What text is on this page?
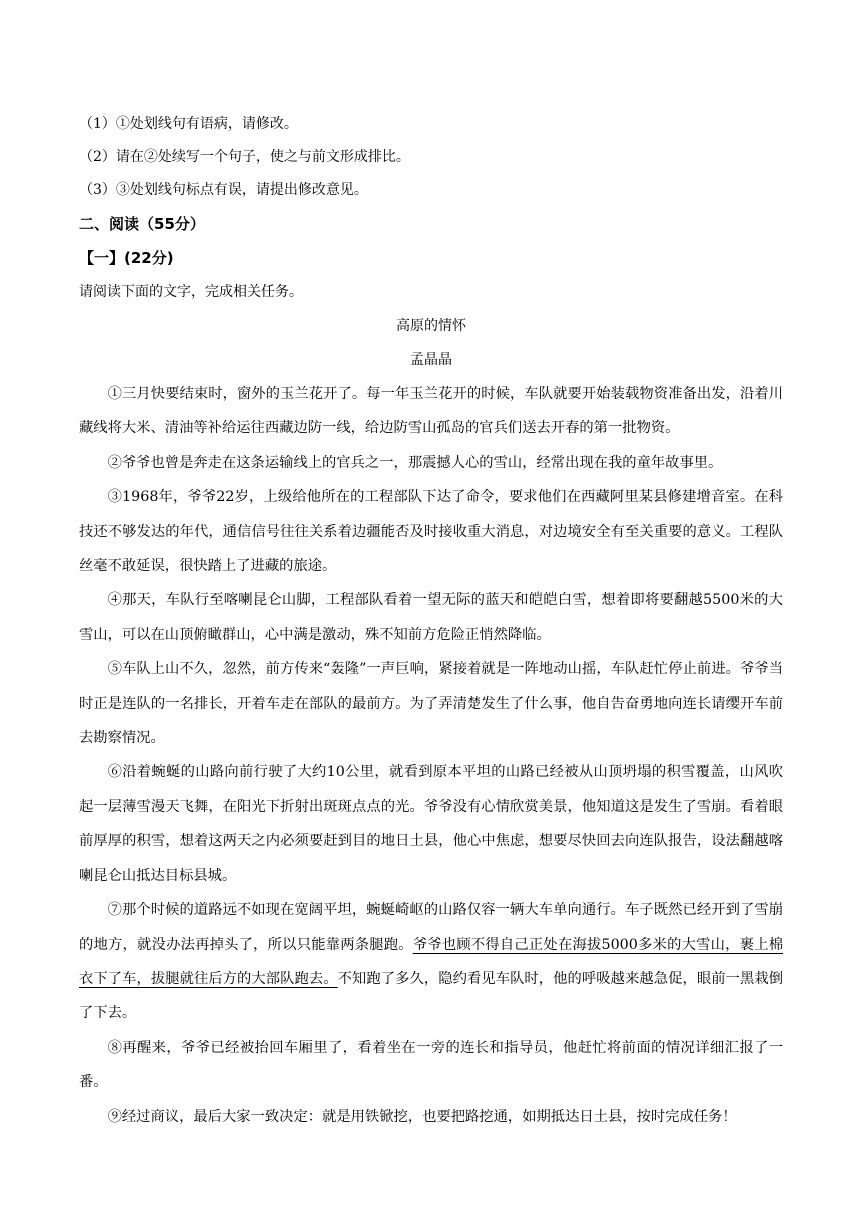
（1）①处划线句有语病，请修改。
（2）请在②处续写一个句子，使之与前文形成排比。
（3）③处划线句标点有误，请提出修改意见。
二、阅读（55分）
【一】(22分)
请阅读下面的文字，完成相关任务。
高原的情怀
孟晶晶

①三月快要结束时，窗外的玉兰花开了。每一年玉兰花开的时候，车队就要开始装载物资准备出发，沿着川藏线将大米、清油等补给运往西藏边防一线，给边防雪山孤岛的官兵们送去开春的第一批物资。

②爷爷也曾是奔走在这条运输线上的官兵之一，那震撼人心的雪山，经常出现在我的童年故事里。

③1968年，爷爷22岁，上级给他所在的工程部队下达了命令，要求他们在西藏阿里某县修建增音室。在科技还不够发达的年代，通信信号往往关系着边疆能否及时接收重大消息，对边境安全有至关重要的意义。工程队丝毫不敢延误，很快踏上了进藏的旅途。

④那天，车队行至喀喇昆仑山脚，工程部队看着一望无际的蓝天和皑皑白雪，想着即将要翻越5500米的大雪山，可以在山顶俯瞰群山，心中满是激动，殊不知前方危险正悄然降临。

⑤车队上山不久，忽然，前方传来“轰隆”一声巨响，紧接着就是一阵地动山摇，车队赶忙停止前进。爷爷当时正是连队的一名排长，开着车走在部队的最前方。为了弄清楚发生了什么事，他自告奋勇地向连长请缨开车前去勘察情况。

⑥沿着蜿蜒的山路向前行驶了大约10公里，就看到原本平坦的山路已经被从山顶坍塌的积雪覆盖，山风吹起一层薄雪漫天飞舞，在阳光下折射出斑斑点点的光。爷爷没有心情欣赏美景，他知道这是发生了雪崩。看着眼前厚厚的积雪，想着这两天之内必须要赶到目的地日土县，他心中焦虑，想要尽快回去向连队报告，设法翻越喀喇昆仑山抵达目标县城。

⑦那个时候的道路远不如现在宽阔平坦，蜿蜒崎岖的山路仅容一辆大车单向通行。车子既然已经开到了雪崩的地方，就没办法再掉头了，所以只能靠两条腿跑。爷爷也顾不得自己正处在海拔5000多米的大雪山，裹上棉衣下了车，拔腿就往后方的大部队跑去。不知跑了多久，隐约看见车队时，他的呼吸越来越急促，眼前一黑栽倒了下去。

⑧再醒来，爷爷已经被抬回车厢里了，看着坐在一旁的连长和指导员，他赶忙将前面的情况详细汇报了一番。

⑨经过商议，最后大家一致决定：就是用铁锨挖，也要把路挖通，如期抵达日土县，按时完成任务！
